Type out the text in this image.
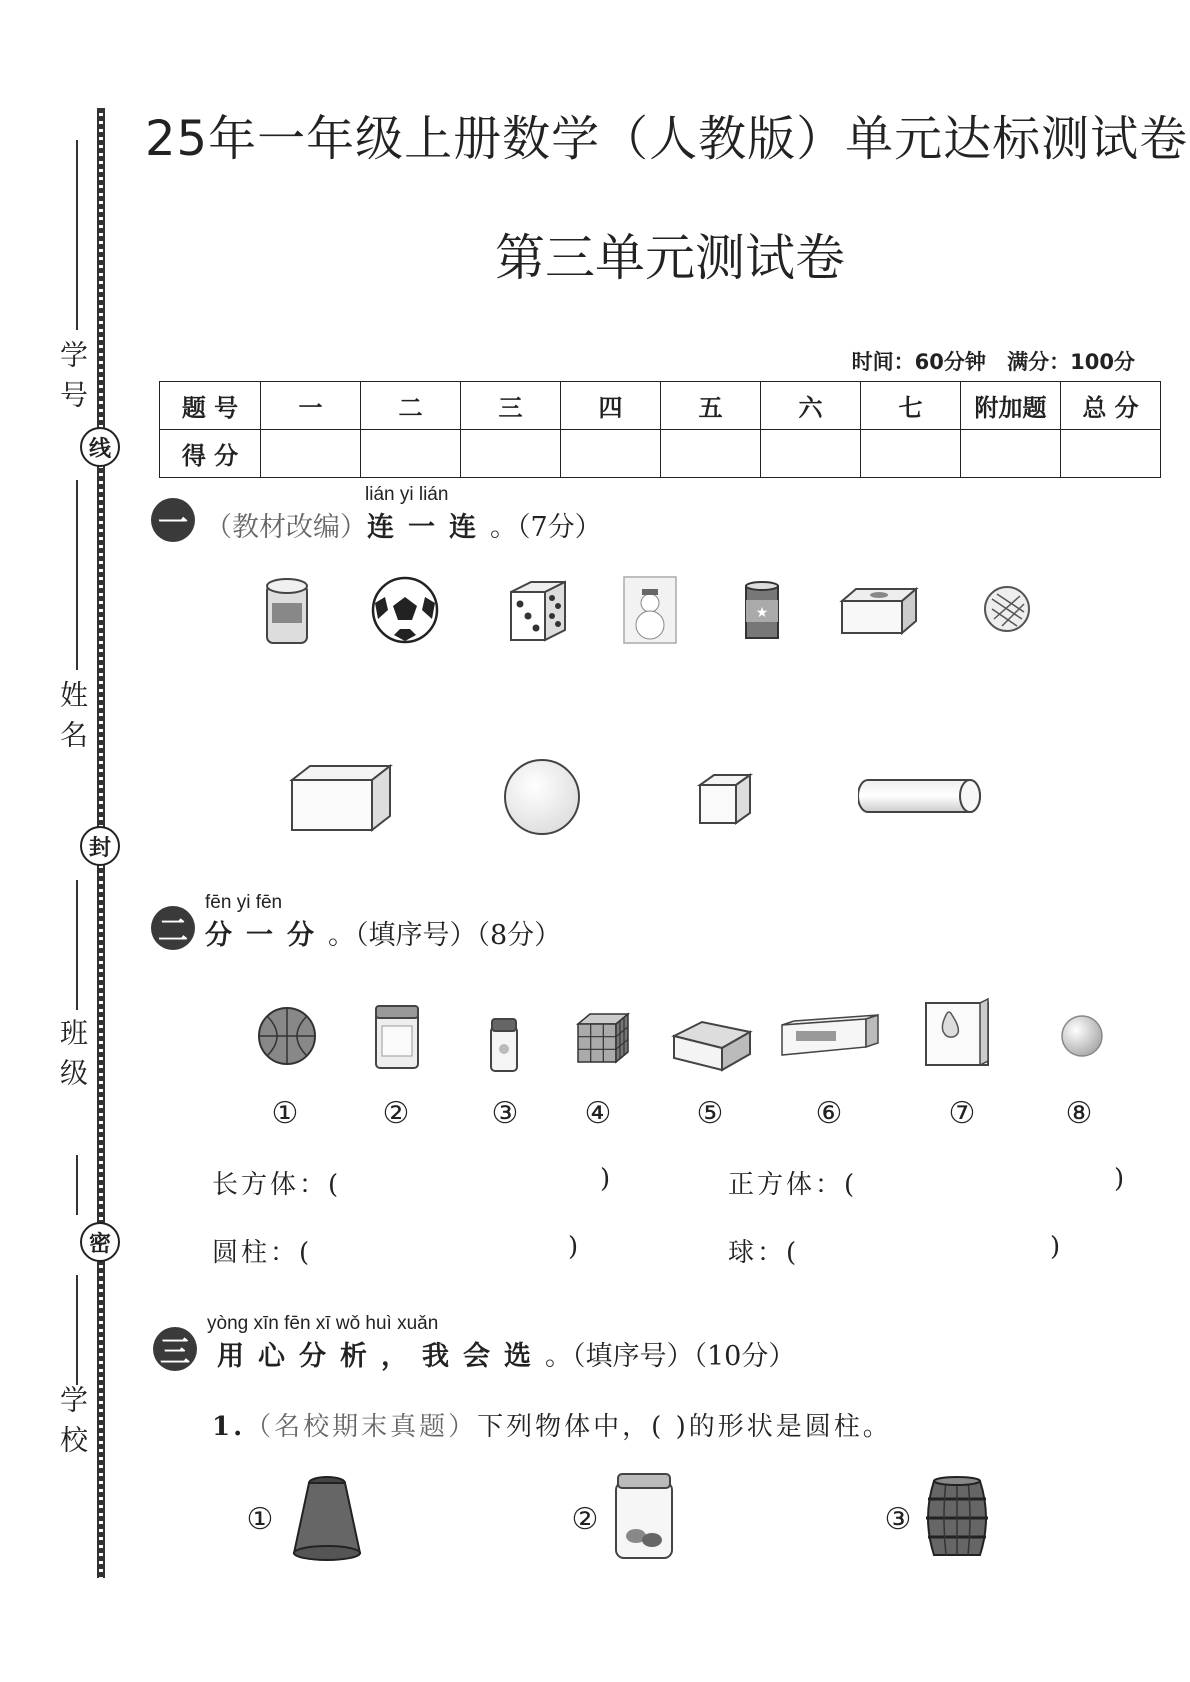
学号
线
姓名
封
班级
密
学校
25年一年级上册数学（人教版）单元达标测试卷
第三单元测试卷
时间：60分钟 满分：100分
题 号	一	二	三	四	五	六	七	附加题	总 分
得 分									
lián yi lián
一 （教材改编）连一连。（7分）
★
fēn yi fēn
二 分一分。（填序号）（8分）
①	②	③ ④	⑤	⑥	⑦	⑧
长方体：(	)	正方体：(	)
圆柱：(	)	球：(	)
yòng xīn fēn xī wǒ huì xuǎn
三 用心分析，我会选。（填序号）（10分）
1.（名校期末真题）下列物体中，( )的形状是圆柱。
①	②	③
